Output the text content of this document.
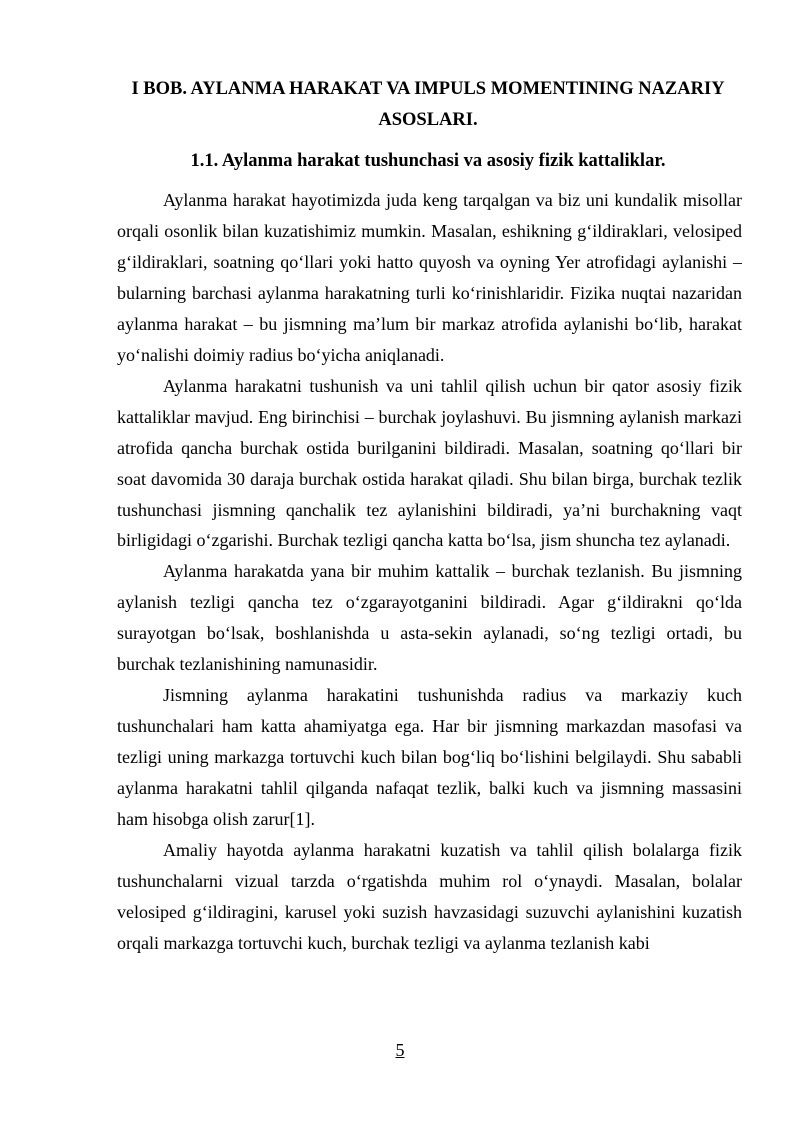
I BOB. AYLANMA HARAKAT VA IMPULS MOMENTINING NAZARIY ASOSLARI.
1.1. Aylanma harakat tushunchasi va asosiy fizik kattaliklar.

Aylanma harakat hayotimizda juda keng tarqalgan va biz uni kundalik misollar orqali osonlik bilan kuzatishimiz mumkin. Masalan, eshikning g‘ildiraklari, velosiped g‘ildiraklari, soatning qo‘llari yoki hatto quyosh va oyning Yer atrofidagi aylanishi – bularning barchasi aylanma harakatning turli ko‘rinishlaridir. Fizika nuqtai nazaridan aylanma harakat – bu jismning ma’lum bir markaz atrofida aylanishi bo‘lib, harakat yo‘nalishi doimiy radius bo‘yicha aniqlanadi.

Aylanma harakatni tushunish va uni tahlil qilish uchun bir qator asosiy fizik kattaliklar mavjud. Eng birinchisi – burchak joylashuvi. Bu jismning aylanish markazi atrofida qancha burchak ostida burilganini bildiradi. Masalan, soatning qo‘llari bir soat davomida 30 daraja burchak ostida harakat qiladi. Shu bilan birga, burchak tezlik tushunchasi jismning qanchalik tez aylanishini bildiradi, ya’ni burchakning vaqt birligidagi o‘zgarishi. Burchak tezligi qancha katta bo‘lsa, jism shuncha tez aylanadi.

Aylanma harakatda yana bir muhim kattalik – burchak tezlanish. Bu jismning aylanish tezligi qancha tez o‘zgarayotganini bildiradi. Agar g‘ildirakni qo‘lda surayotgan bo‘lsak, boshlanishda u asta-sekin aylanadi, so‘ng tezligi ortadi, bu burchak tezlanishining namunasidir.

Jismning aylanma harakatini tushunishda radius va markaziy kuch tushunchalari ham katta ahamiyatga ega. Har bir jismning markazdan masofasi va tezligi uning markazga tortuvchi kuch bilan bog‘liq bo‘lishini belgilaydi. Shu sababli aylanma harakatni tahlil qilganda nafaqat tezlik, balki kuch va jismning massasini ham hisobga olish zarur[1].

Amaliy hayotda aylanma harakatni kuzatish va tahlil qilish bolalarga fizik tushunchalarni vizual tarzda o‘rgatishda muhim rol o‘ynaydi. Masalan, bolalar velosiped g‘ildiragini, karusel yoki suzish havzasidagi suzuvchi aylanishini kuzatish orqali markazga tortuvchi kuch, burchak tezligi va aylanma tezlanish kabi

5
